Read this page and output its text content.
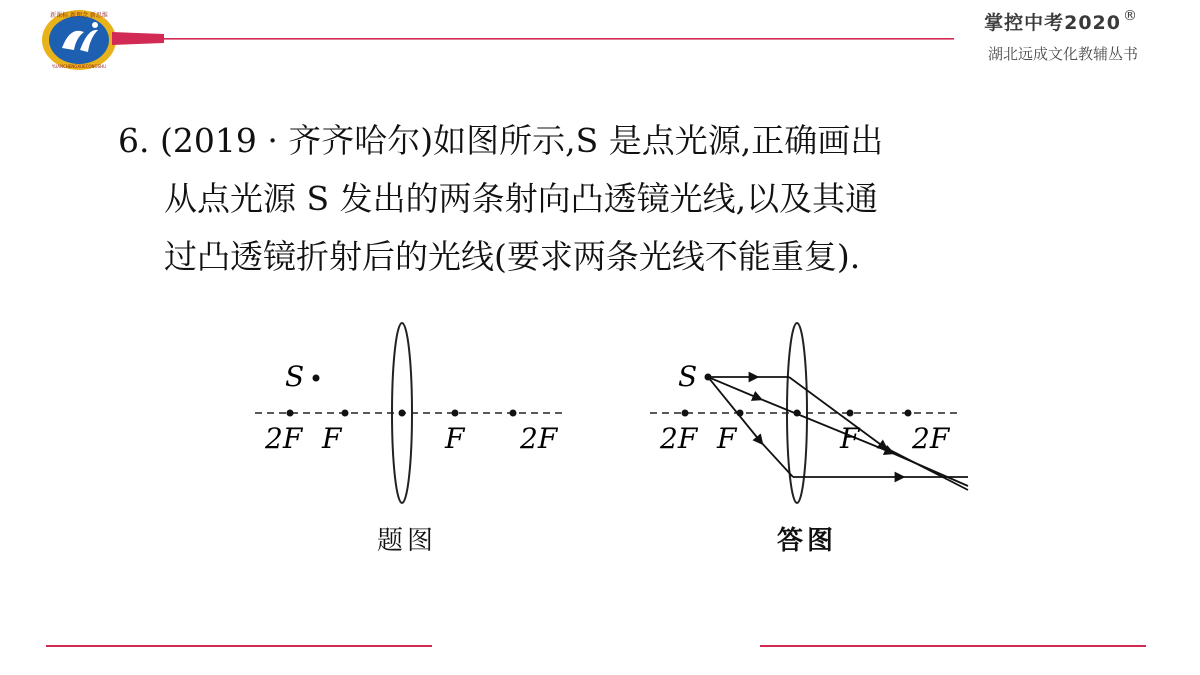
新课标 新理念 新思维
YUANCHENGXUECONGSHU
掌控中考2020 ®
湖北远成文化教辅丛书
6. (2019 · 齐齐哈尔)如图所示,S 是点光源,正确画出
从点光源 S 发出的两条射向凸透镜光线,以及其通
过凸透镜折射后的光线(要求两条光线不能重复).
S
2F F	F 2F
S
2F F	F 2F
题图	答图
